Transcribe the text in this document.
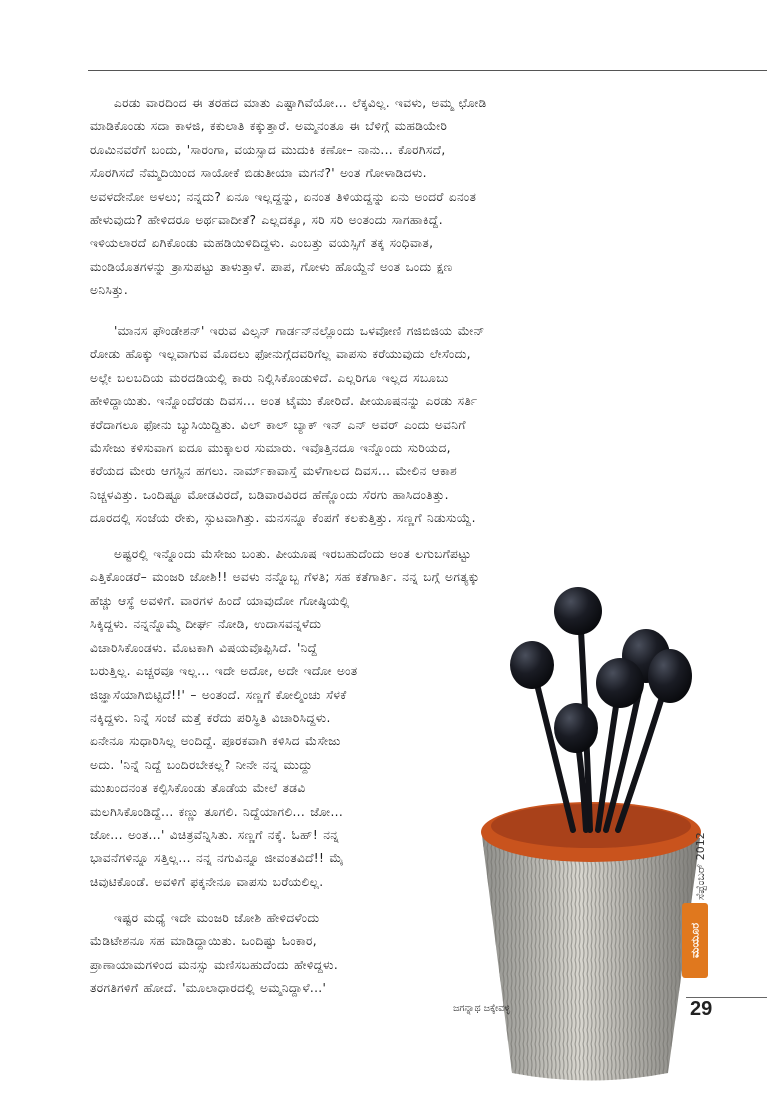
ಎರಡು ವಾರದಿಂದ ಈ ತರಹದ ಮಾತು ಎಷ್ಟಾಗಿವೆಯೋ... ಲೆಕ್ಕವಿಲ್ಲ. ಇವಳು, ಅಮ್ಮ ಛೋಡಿ
ಮಾಡಿಕೊಂಡು ಸದಾ ಕಾಳಜಿ, ಕಕುಲಾತಿ ಕಕ್ಕುತ್ತಾರೆ. ಅಮ್ಮನಂತೂ ಈ ಬೆಳಿಗ್ಗೆ ಮಹಡಿಯೇರಿ
ರೂಮಿನವರೆಗೆ ಬಂದು, 'ಸಾರಂಗಾ, ವಯಸ್ಸಾದ ಮುದುಕಿ ಕಣೋ– ನಾನು... ಕೊರಗಿಸದೆ,
ಸೊರಗಿಸದೆ ನೆಮ್ಮದಿಯಿಂದ ಸಾಯೋಕೆ ಬಿಡುತೀಯಾ ಮಗನೆ?' ಅಂತ ಗೋಳಾಡಿದಳು.
ಅವಳದೇನೋ ಅಳಲು; ನನ್ನದು? ಏನೂ ಇಲ್ಲದ್ದನ್ನು, ಏನಂತ ತಿಳಿಯದ್ದನ್ನು ಏನು ಅಂದರೆ ಏನಂತ
ಹೇಳುವುದು? ಹೇಳಿದರೂ ಅರ್ಥವಾದೀತೆ? ಎಲ್ಲದಕ್ಕೂ, ಸರಿ ಸರಿ ಅಂತಂದು ಸಾಗಹಾಕಿದ್ದೆ.
ಇಳಿಯಲಾರದೆ ಏಗಿಕೊಂಡು ಮಹಡಿಯಿಳಿದಿದ್ದಳು. ಎಂಬತ್ತು ವಯಸ್ಸಿಗೆ ತಕ್ಕ ಸಂಧಿವಾತ,
ಮಂಡಿಯೊತಗಳನ್ನು ತ್ರಾಸುಪಟ್ಟು ತಾಳುತ್ತಾಳೆ. ಪಾಪ, ಗೋಳು ಹೊಯ್ದೆನೆ ಅಂತ ಒಂದು ಕ್ಷಣ
ಅನಿಸಿತ್ತು.
'ಮಾನಸ ಫೌಂಡೇಶನ್' ಇರುವ ವಿಲ್ಸನ್ ಗಾರ್ಡನ್‌ನಲ್ಲೊಂದು ಒಳವೋಣಿ ಗಜಿಬಿಜಿಯ ಮೇನ್
ರೋಡು ಹೊಕ್ಕು ಇಲ್ಲವಾಗುವ ಮೊದಲು ಫೋನುಗ್ಗೆದವರಿಗೆಲ್ಲ ವಾಪಸು ಕರೆಯುವುದು ಲೇಸೆಂದು,
ಅಲ್ಲೇ ಬಲಬದಿಯ ಮರದಡಿಯಲ್ಲಿ ಕಾರು ನಿಲ್ಲಿಸಿಕೊಂಡುಳಿದೆ. ಎಲ್ಲರಿಗೂ ಇಲ್ಲದ ಸಬೂಬು
ಹೇಳಿದ್ದಾಯಿತು. ಇನ್ನೊಂದೆರಡು ದಿವಸ... ಅಂತ ಟೈಮು ಕೋರಿದೆ. ಪೀಯೂಷನನ್ನು ಎರಡು ಸರ್ತಿ
ಕರೆದಾಗಲೂ ಫೋನು ಬ್ಯುಸಿಯಿದ್ದಿತು. ವಿಲ್ ಕಾಲ್ ಬ್ಯಾಕ್ ಇನ್ ಎನ್ ಅವರ್ ಎಂದು ಅವನಿಗೆ
ಮೆಸೇಜು ಕಳಿಸುವಾಗ ಐದೂ ಮುಕ್ಕಾಲರ ಸುಮಾರು. ಇವೊತ್ತಿನದೂ ಇನ್ನೊಂದು ಸುರಿಯದ,
ಕರೆಯದ ಮೇರು ಆಗಸ್ಟಿನ ಹಗಲು. ನಾರ್ಮ್‌ಕಾವಾಸ್ತೆ ಮಳೆಗಾಲದ ದಿವಸ... ಮೇಲಿನ ಆಕಾಶ
ನಿಚ್ಚಳವಿತ್ತು. ಒಂದಿಷ್ಟೂ ಮೋಡವಿರದೆ, ಬಡಿವಾರವಿರದ ಹೆಣ್ಣೊಂದು ಸೆರಗು ಹಾಸಿದಂತಿತ್ತು.
ದೂರದಲ್ಲಿ ಸಂಜೆಯ ರೇಕು, ಸ್ಫುಟವಾಗಿತ್ತು. ಮನಸನ್ನೂ ಕೆಂಪಗೆ ಕಲಕುತ್ತಿತ್ತು. ಸಣ್ಣಗೆ ನಿಡುಸುಯ್ದೆ.
ಅಷ್ಟರಲ್ಲಿ ಇನ್ನೊಂದು ಮೆಸೇಜು ಬಂತು. ಪೀಯೂಷ ಇರಬಹುದೆಂದು ಅಂತ ಲಗುಬಗೆಪಟ್ಟು
ಎತ್ತಿಕೊಂಡರೆ– ಮಂಜರಿ ಜೋಶಿ!! ಅವಳು ನನ್ನೊಬ್ಬ ಗೆಳತಿ; ಸಹ ಕತೆಗಾರ್ತಿ. ನನ್ನ ಬಗ್ಗೆ ಅಗತ್ಯಕ್ಕು
ಹೆಚ್ಚು ಆಸ್ಥೆ ಅವಳಿಗೆ. ವಾರಗಳ ಹಿಂದೆ ಯಾವುದೋ ಗೋಷ್ಠಿಯಲ್ಲಿ
ಸಿಕ್ಕಿದ್ದಳು. ನನ್ನನ್ನೊಮ್ಮೆ ದೀರ್ಘ ನೋಡಿ, ಉದಾಸವನ್ನಳೆದು
ವಿಚಾರಿಸಿಕೊಂಡಳು. ಮೊಟಕಾಗಿ ವಿಷಯವೊಪ್ಪಿಸಿದೆ. 'ನಿದ್ದೆ
ಬರುತ್ತಿಲ್ಲ. ಎಚ್ಚರವೂ ಇಲ್ಲ... ಇದೇ ಅದೋ, ಅದೇ ಇದೋ ಅಂತ
ಜಿಜ್ಞಾಸೆಯಾಗಿಬಿಟ್ಟಿದೆ!!' – ಅಂತಂದೆ. ಸಣ್ಣಗೆ ಕೋಲ್ಮಿಂಚು ಸೆಳಕೆ
ನಕ್ಕಿದ್ದಳು. ನಿನ್ನೆ ಸಂಜೆ ಮತ್ತೆ ಕರೆದು ಪರಿಸ್ಥಿತಿ ವಿಚಾರಿಸಿದ್ದಳು.
ಏನೇನೂ ಸುಧಾರಿಸಿಲ್ಲ ಅಂದಿದ್ದೆ. ಪೂರಕವಾಗಿ ಕಳಿಸಿದ ಮೆಸೇಜು
ಅದು. 'ನಿನ್ನೆ ನಿದ್ದೆ ಬಂದಿರಬೇಕಲ್ಲ? ನೀನೇ ನನ್ನ ಮುದ್ದು
ಮುಖಂದನಂತ ಕಲ್ಪಿಸಿಕೊಂಡು ತೊಡೆಯ ಮೇಲೆ ತಡವಿ
ಮಲಗಿಸಿಕೊಂಡಿದ್ದೆ... ಕಣ್ಣು ತೂಗಲಿ. ನಿದ್ದೆಯಾಗಲಿ... ಜೋ...
ಜೋ... ಅಂತ...' ವಿಚಿತ್ರವೆನ್ನಿಸಿತು. ಸಣ್ಣಗೆ ನಕ್ಕೆ. ಓಹ್! ನನ್ನ
ಭಾವನೆಗಳಿನ್ನೂ ಸತ್ತಿಲ್ಲ... ನನ್ನ ನಗುವಿನ್ನೂ ಜೀವಂತವಿದೆ!! ಮೈ
ಚಿವುಟಿಕೊಂಡೆ. ಅವಳಿಗೆ ಫಕ್ಕನೇನೂ ವಾಪಸು ಬರೆಯಲಿಲ್ಲ.
ಇಷ್ಟರ ಮಧ್ಯೆ ಇದೇ ಮಂಜರಿ ಜೋಶಿ ಹೇಳಿದಳೆಂದು
ಮೆಡಿಟೇಶನೂ ಸಹ ಮಾಡಿದ್ದಾಯಿತು. ಒಂದಿಷ್ಟು ಓಂಕಾರ,
ಪ್ರಾಣಾಯಾಮಗಳಿಂದ ಮನಸ್ಸು ಮಣಿಸಬಹುದೆಂದು ಹೇಳಿದ್ದಳು.
ತರಗತಿಗಳಿಗೆ ಹೋದೆ. 'ಮೂಲಾಧಾರದಲ್ಲಿ ಅಮ್ಮನಿದ್ದಾಳೆ...'
ಸೆಪ್ಟೆಂಬರ್ 2012
ಮಯೂರ
29
ಜಗನ್ನಾಥ ಜಕ್ಕೇವಳ್ಳಿ
